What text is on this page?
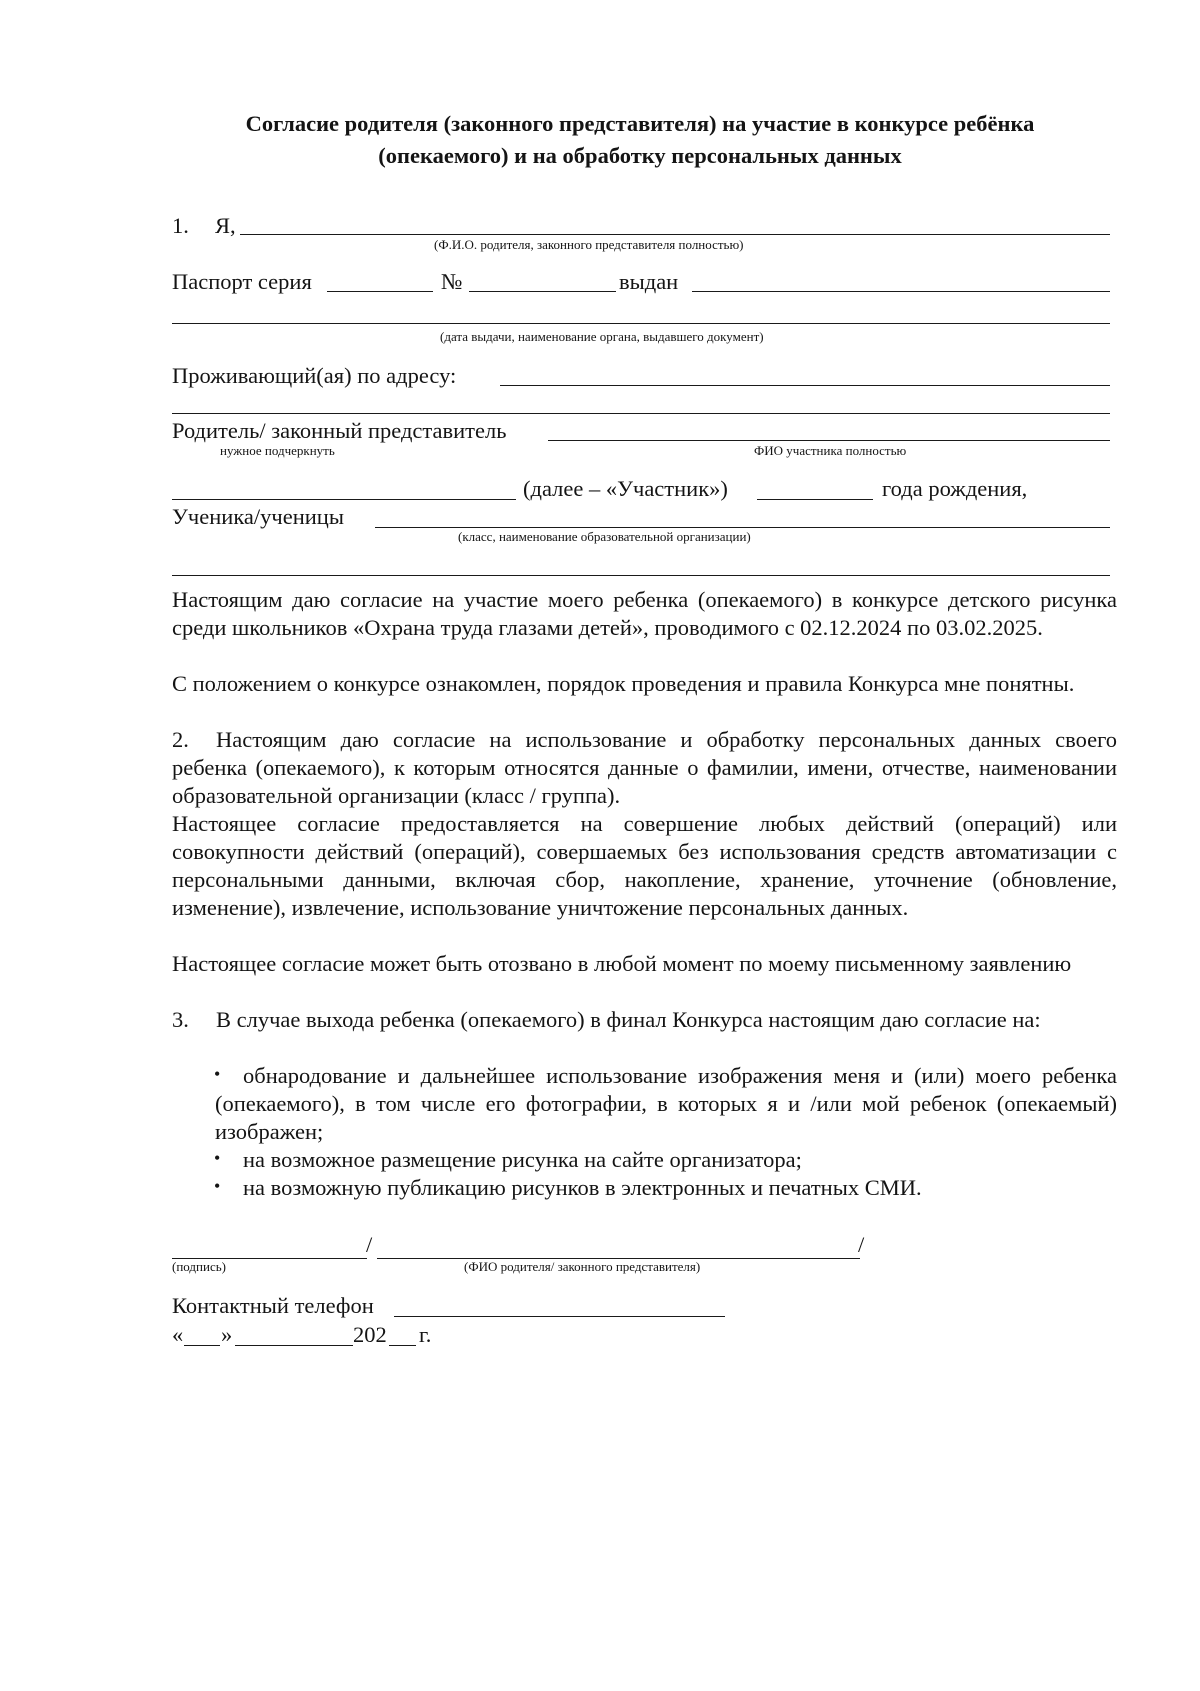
Согласие родителя (законного представителя) на участие в конкурсе ребёнка
(опекаемого) и на обработку персональных данных
1. Я,
(Ф.И.О. родителя, законного представителя полностью)
Паспорт серия	№	выдан
(дата выдачи, наименование органа, выдавшего документ)
Проживающий(ая) по адресу:
Родитель/ законный представитель
нужное подчеркнуть	ФИО участника полностью
(далее – «Участник»)	года рождения,
Ученика/ученицы
(класс, наименование образовательной организации)
Настоящим даю согласие на участие моего ребенка (опекаемого) в конкурсе детского рисунка среди школьников «Охрана труда глазами детей», проводимого с 02.12.2024 по 03.02.2025.
С положением о конкурсе ознакомлен, порядок проведения и правила Конкурса мне понятны.
2.	Настоящим даю согласие на использование и обработку персональных данных своего ребенка (опекаемого), к которым относятся данные о фамилии, имени, отчестве, наименовании образовательной организации (класс / группа).
Настоящее согласие предоставляется на совершение любых действий (операций) или совокупности действий (операций), совершаемых без использования средств автоматизации с персональными данными, включая сбор, накопление, хранение, уточнение (обновление, изменение), извлечение, использование уничтожение персональных данных.
Настоящее согласие может быть отозвано в любой момент по моему письменному заявлению
3.	В случае выхода ребенка (опекаемого) в финал Конкурса настоящим даю согласие на:
•	обнародование и дальнейшее использование изображения меня и (или) моего ребенка (опекаемого), в том числе его фотографии, в которых я и /или мой ребенок (опекаемый) изображен;
• на возможное размещение рисунка на сайте организатора;
• на возможную публикацию рисунков в электронных и печатных СМИ.
/	/
(подпись)	(ФИО родителя/ законного представителя)
Контактный телефон
« »	202 г.
